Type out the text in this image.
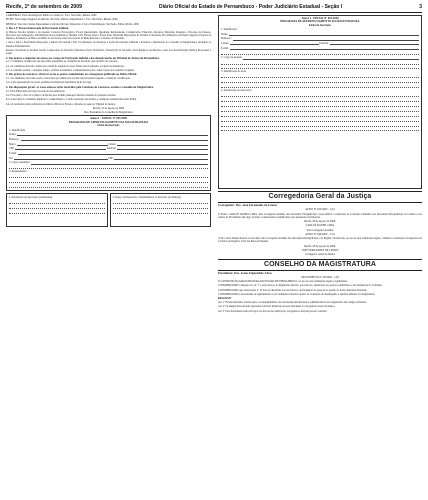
Recife, 1º de setembro de 2009	Diário Oficial do Estado de Pernambuco - Poder Judiciário Estadual - Seção I	3

CARREIRAS, Varas das Registros Públicos Comarcas / Foro: São Paulo, Beneta, 2009

PE-PD: Varas Vagas, Registro de Imóveis, Escrivãs, Títulos e Imprimentos / Foro: São Paulo, Beneta, 2009

MÉDICA: Vara das Cidades Depositantes Cartórios Imóveis: Imprevisto Civis e Tratabilidades: São Paulo, Editora Profis, 2009

3. Bas e 4ª Pessoa Interessado de Escrivania Judicial

a) Bancas: Recebe jurídico e processual, Comarca Prorrogativa, Escala Questionária, Quadrante Relacionadas, Comunicação, Educação, Recursos Materiais, Pesquisa e Processo de Pessoas, Processos para Adequação, Substituições de procedimentos, Sistema CNJ, Fiscais Vagas e Fases fixas, Espéciem Disposições de Normas Contratuais, Procedimentos do Ensino Superior, Projetos de Direitos, Inventários de Bens, incluindo as novas leis e Decretos Gerais de Bens Pessoais e Cartórios de Sucessão.

1 Atos e fatos e Escrivânias Disposição e Direito Processual Civil: aos interesses de situações e Ações Processuais Judiciais e Portarias e Resoluções do Conselho da Magistratura, incluindo os Direitos Fundamentais.

Recurso Secretaria de Normas Gerais: Composição de Decisões Judiciais e Prova Normativa, Transcrição da Sucessão sobre Registros de Imóveis, como Lei de Informação Pública Processual e Legal.

4. Dos prazos e requisitos de acesso aos cargos de Escrivania Judicial e das demais Seções do Tribunal de Justiça de Pernambuco.

4.1. O candidato classificado que não tenha preenchido as condições de inscrição será excluído do concurso.

4.2. Os candidatos deverão comprovar a titulação exigida no prazo fixado pela Comissão, sob pena de eliminação.

4.3. A comissão poderá, a qualquer tempo, solicitar documentos complementares para comprovação dos requisitos exigidos.

5. Dos prazos do concurso: observar-se-ão os prazos estabelecidos no cronograma publicado no Diário Oficial.

5.1. Os candidatos aprovados serão convocados por edital para escolha das serventias segundo a ordem de classificação.

5.2. A não apresentação no prazo estabelecido implicará desistência tácita da vaga.

6. Das disposições gerais: os casos omissos serão resolvidos pela Comissão do Concurso, ouvido o Conselho da Magistratura.

6.1. Este Edital entra em vigor na data de sua publicação.

6.2. Fica eleito o foro da Comarca do Recife para dirimir quaisquer dúvidas oriundas do presente certame.

6.3. A inscrição do candidato implicará o conhecimento e a tácita aceitação das normas e condições estabelecidas neste Edital.

6.4. Os resultados serão publicados no Diário Oficial do Estado e afixados na sede do Tribunal de Justiça.

Recife, 31 de agosto de 2009
Des. Presidente do Conselho da Magistratura
Anexo I - EDITAL Nº 001/2009
PROGRAMA DE APERFEIÇOAMENTO DA MAGISTRATURA
Ficha de Inscrição
1. Identificação
Nome:
Endereço:
Bairro:	Cidade:
CEP:	Telefone:
E-mail:
RG:	CPF:
2. Cargo pretendido:
3. Requerimento:
4. Informação de Aprovação (assinaturas)	5. Espaço de Reservado / Indeferimento de Inscrição (ou Entrega)
Anexo I - EDITAL Nº 001/2009
PROGRAMA DE APERFEIÇOAMENTO DA MAGISTRATURA
Ficha de Inscrição
1. Identificação
Nome:
Endereço:
Cidade:	Telefone:
E-mail:
2. Cargo de Atuação
3. Identificação de Ação
4. Informações de Aprovação
Corregedoria Geral da Justiça
Corregedor: Des. José Fernandes de Lemos
AVISO Nº 043/2009 – CGJ

O Exmo. CARLOS DANIEL LIMA, Juiz Corregedor Auxiliar das Serventias Extrajudiciais, torna pública a realização de Correição Ordinária nas Serventias Extrajudiciais da Comarca, nos termos do Provimento em vigor, ficando os interessados cientificados para apresentar reclamações.

Recife, 28 de agosto de 2009.
CARLOS DANIEL LIMA
Juiz Corregedor Auxiliar
AVISO Nº 044/2009 – CGJ

O Dr. Carlos Daniel Pereira Costa Lima, Juiz Corregedor Auxiliar das Serventias Extrajudiciais e do Registro de Imóveis, no uso de suas atribuições legais, comunica a realização de inspeção nos Cartórios de Registro Civil das Pessoas Naturais.

Recife, 28 de agosto de 2009.
JOSÉ FERNANDES DE LEMOS
Corregedor Geral da Justiça
CONSELHO DA MAGISTRATURA
Presidente: Des. Jones Figueirêdo Alves
PROVIMENTO Nº 00/2009 – CM

O CONSELHO DA MAGISTRATURA DO ESTADO DE PERNAMBUCO, no uso de suas atribuições legais e regimentais,

CONSIDERANDO o disposto no art. 7º e seus incisos, do Regimento Interno, que trata da organização dos serviços judiciários e das atribuições do Conselho;

CONSIDERANDO que a Resolução nº 13 trata da disciplina dos servidores e da frequência do pessoal do quadro do Poder Judiciário Estadual;

CONSIDERANDO a necessidade de regulamentar os procedimentos internos quanto às avaliações de desempenho e aperfeiçoamento dos magistrados;

RESOLVE:

Art. 1º Ficam instituídas normas para o acompanhamento das atividades jurisdicionais e administrativas dos magistrados em estágio probatório.

Art. 2º Os magistrados deverão apresentar relatório trimestral de suas atividades à Corregedoria Geral da Justiça.

Art. 3º Este Provimento entra em vigor na data de sua publicação, revogadas as disposições em contrário.
